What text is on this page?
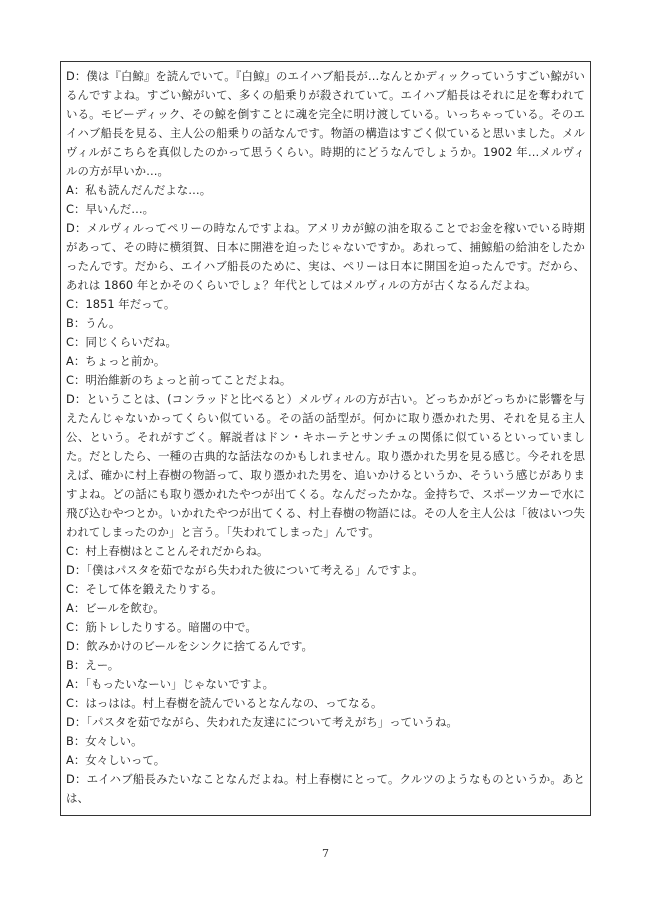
D：僕は『白鯨』を読んでいて。『白鯨』のエイハブ船長が…なんとかディックっていうすごい鯨がいるんですよね。すごい鯨がいて、多くの船乗りが殺されていて。エイハブ船長はそれに足を奪われている。モビーディック、その鯨を倒すことに魂を完全に明け渡している。いっちゃっている。そのエイハブ船長を見る、主人公の船乗りの話なんです。物語の構造はすごく似ていると思いました。メルヴィルがこちらを真似したのかって思うくらい。時期的にどうなんでしょうか。1902 年…メルヴィルの方が早いか…。

A：私も読んだんだよな…。

C：早いんだ…。

D：メルヴィルってペリーの時なんですよね。アメリカが鯨の油を取ることでお金を稼いでいる時期があって、その時に横須賀、日本に開港を迫ったじゃないですか。あれって、捕鯨船の給油をしたかったんです。だから、エイハブ船長のために、実は、ペリーは日本に開国を迫ったんです。だから、あれは 1860 年とかそのくらいでしょ？年代としてはメルヴィルの方が古くなるんだよね。

C：1851 年だって。

B：うん。

C：同じくらいだね。

A：ちょっと前か。

C：明治維新のちょっと前ってことだよね。

D：ということは、(コンラッドと比べると）メルヴィルの方が古い。どっちかがどっちかに影響を与えたんじゃないかってくらい似ている。その話の話型が。何かに取り憑かれた男、それを見る主人公、という。それがすごく。解説者はドン・キホーテとサンチュの関係に似ているといっていました。だとしたら、一種の古典的な話法なのかもしれません。取り憑かれた男を見る感じ。今それを思えば、確かに村上春樹の物語って、取り憑かれた男を、追いかけるというか、そういう感じがありますよね。どの話にも取り憑かれたやつが出てくる。なんだったかな。金持ちで、スポーツカーで水に飛び込むやつとか。いかれたやつが出てくる、村上春樹の物語には。その人を主人公は「彼はいつ失われてしまったのか」と言う。「失われてしまった」んです。

C：村上春樹はとことんそれだからね。

D：「僕はパスタを茹でながら失われた彼について考える」んですよ。

C：そして体を鍛えたりする。

A：ビールを飲む。

C：筋トレしたりする。暗闇の中で。

D：飲みかけのビールをシンクに捨てるんです。

B：えー。

A：「もったいなーい」じゃないですよ。

C：はっはは。村上春樹を読んでいるとなんなの、ってなる。

D：「パスタを茹でながら、失われた友達にについて考えがち」っていうね。

B：女々しい。

A：女々しいって。

D：エイハブ船長みたいなことなんだよね。村上春樹にとって。クルツのようなものというか。あとは、

7
